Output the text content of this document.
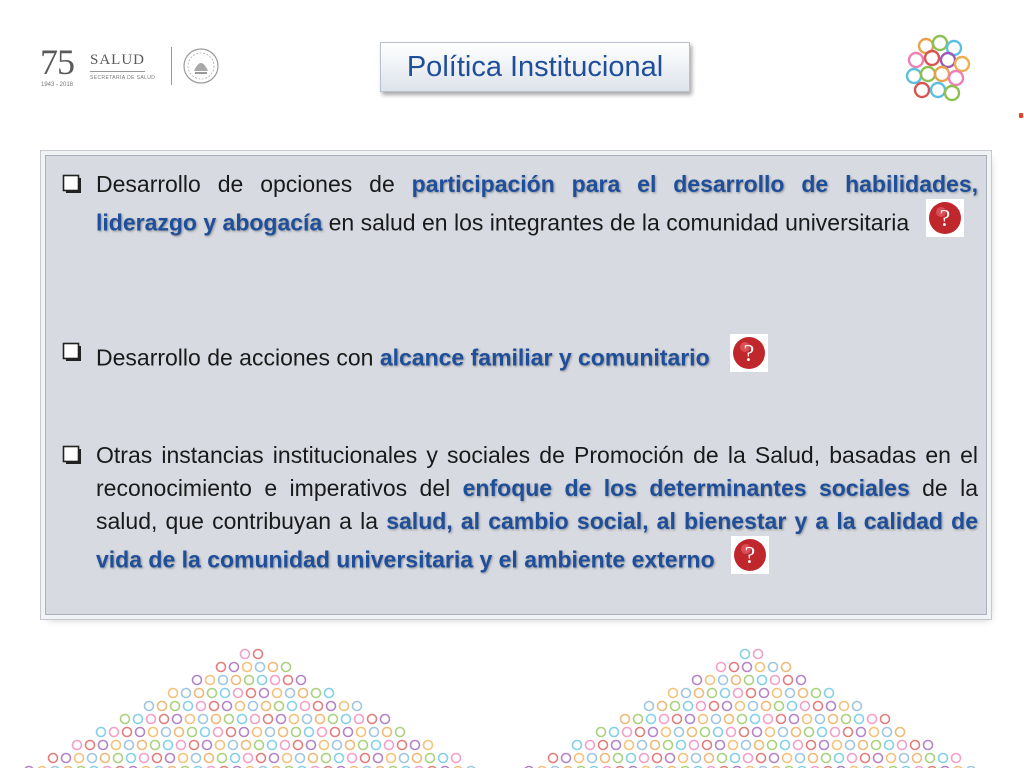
75
1943 - 2018
SALUD
SECRETARÍA DE SALUD	Política Institucional
Desarrollo de opciones de participación para el desarrollo de habilidades, liderazgo y abogacía en salud en los integrantes de la comunidad universitaria ?
Desarrollo de acciones con alcance familiar y comunitario ?
Otras instancias institucionales y sociales de Promoción de la Salud, basadas en el reconocimiento e imperativos del enfoque de los determinantes sociales de la salud, que contribuyan a la salud, al cambio social, al bienestar y a la calidad de vida de la comunidad universitaria y el ambiente externo ?
